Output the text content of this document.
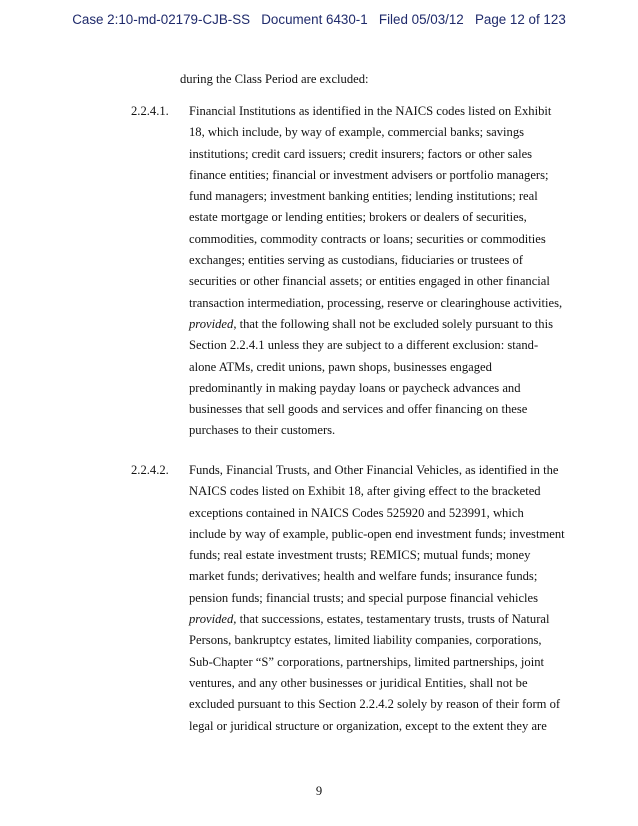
Case 2:10-md-02179-CJB-SS Document 6430-1 Filed 05/03/12 Page 12 of 123
during the Class Period are excluded:
2.2.4.1. Financial Institutions as identified in the NAICS codes listed on Exhibit
18, which include, by way of example, commercial banks; savings
institutions; credit card issuers; credit insurers; factors or other sales
finance entities; financial or investment advisers or portfolio managers;
fund managers; investment banking entities; lending institutions; real
estate mortgage or lending entities; brokers or dealers of securities,
commodities, commodity contracts or loans; securities or commodities
exchanges; entities serving as custodians, fiduciaries or trustees of
securities or other financial assets; or entities engaged in other financial
transaction intermediation, processing, reserve or clearinghouse activities,
provided, that the following shall not be excluded solely pursuant to this
Section 2.2.4.1 unless they are subject to a different exclusion: stand-
alone ATMs, credit unions, pawn shops, businesses engaged
predominantly in making payday loans or paycheck advances and
businesses that sell goods and services and offer financing on these
purchases to their customers.
2.2.4.2. Funds, Financial Trusts, and Other Financial Vehicles, as identified in the
NAICS codes listed on Exhibit 18, after giving effect to the bracketed
exceptions contained in NAICS Codes 525920 and 523991, which
include by way of example, public-open end investment funds; investment
funds; real estate investment trusts; REMICS; mutual funds; money
market funds; derivatives; health and welfare funds; insurance funds;
pension funds; financial trusts; and special purpose financial vehicles
provided, that successions, estates, testamentary trusts, trusts of Natural
Persons, bankruptcy estates, limited liability companies, corporations,
Sub-Chapter “S” corporations, partnerships, limited partnerships, joint
ventures, and any other businesses or juridical Entities, shall not be
excluded pursuant to this Section 2.2.4.2 solely by reason of their form of
legal or juridical structure or organization, except to the extent they are
9
